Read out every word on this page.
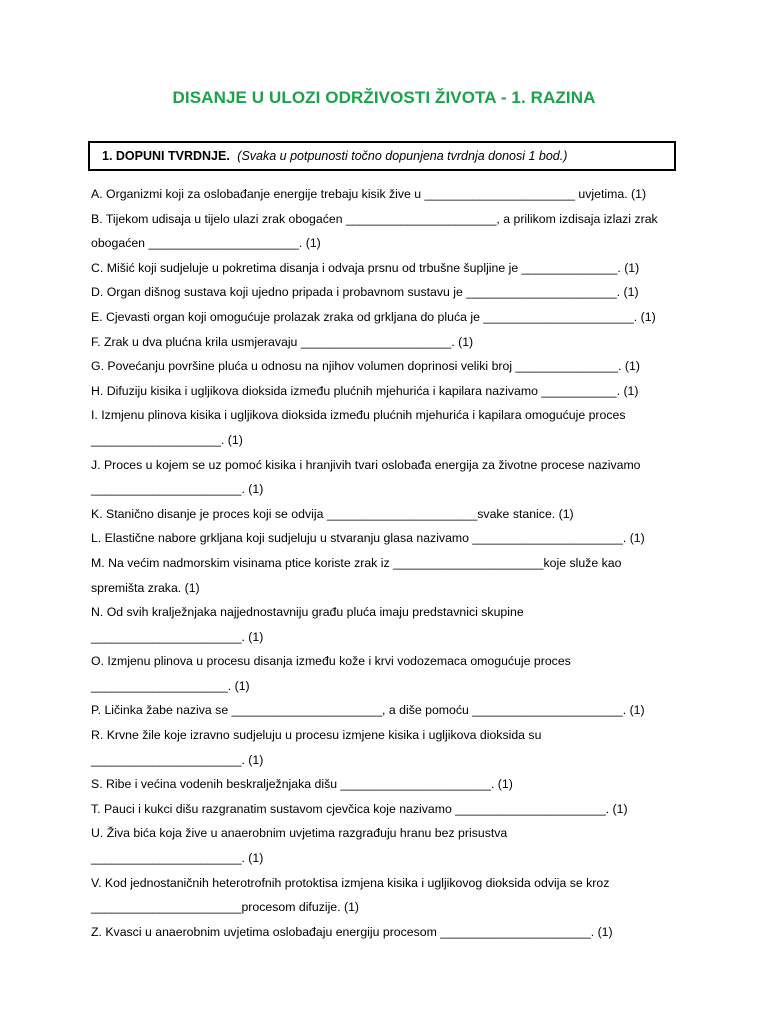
DISANJE U ULOZI ODRŽIVOSTI ŽIVOTA - 1. RAZINA
1. DOPUNI TVRDNJE. (Svaka u potpunosti točno dopunjena tvrdnja donosi 1 bod.)

A. Organizmi koji za oslobađanje energije trebaju kisik žive u ______________________ uvjetima. (1)

B. Tijekom udisaja u tijelo ulazi zrak obogaćen ______________________, a prilikom izdisaja izlazi zrak
obogaćen ______________________. (1)

C. Mišić koji sudjeluje u pokretima disanja i odvaja prsnu od trbušne šupljine je ______________. (1)

D. Organ dišnog sustava koji ujedno pripada i probavnom sustavu je ______________________. (1)

E. Cjevasti organ koji omogućuje prolazak zraka od grkljana do pluća je ______________________. (1)

F. Zrak u dva plućna krila usmjeravaju ______________________. (1)

G. Povećanju površine pluća u odnosu na njihov volumen doprinosi veliki broj _______________. (1)

H. Difuziju kisika i ugljikova dioksida između plućnih mjehurića i kapilara nazivamo ___________. (1)

I. Izmjenu plinova kisika i ugljikova dioksida između plućnih mjehurića i kapilara omogućuje proces
___________________. (1)

J. Proces u kojem se uz pomoć kisika i hranjivih tvari oslobađa energija za životne procese nazivamo
______________________. (1)

K. Stanično disanje je proces koji se odvija ______________________svake stanice. (1)

L. Elastične nabore grkljana koji sudjeluju u stvaranju glasa nazivamo ______________________. (1)

M. Na većim nadmorskim visinama ptice koriste zrak iz ______________________koje služe kao
spremišta zraka. (1)

N. Od svih kralježnjaka najjednostavniju građu pluća imaju predstavnici skupine
______________________. (1)

O. Izmjenu plinova u procesu disanja između kože i krvi vodozemaca omogućuje proces
____________________. (1)

P. Ličinka žabe naziva se ______________________, a diše pomoću ______________________. (1)

R. Krvne žile koje izravno sudjeluju u procesu izmjene kisika i ugljikova dioksida su
______________________. (1)

S. Ribe i većina vodenih beskralježnjaka dišu ______________________. (1)

T. Pauci i kukci dišu razgranatim sustavom cjevčica koje nazivamo ______________________. (1)

U. Živa bića koja žive u anaerobnim uvjetima razgrađuju hranu bez prisustva
______________________. (1)

V. Kod jednostaničnih heterotrofnih protoktisa izmjena kisika i ugljikovog dioksida odvija se kroz
______________________procesom difuzije. (1)

Z. Kvasci u anaerobnim uvjetima oslobađaju energiju procesom ______________________. (1)
